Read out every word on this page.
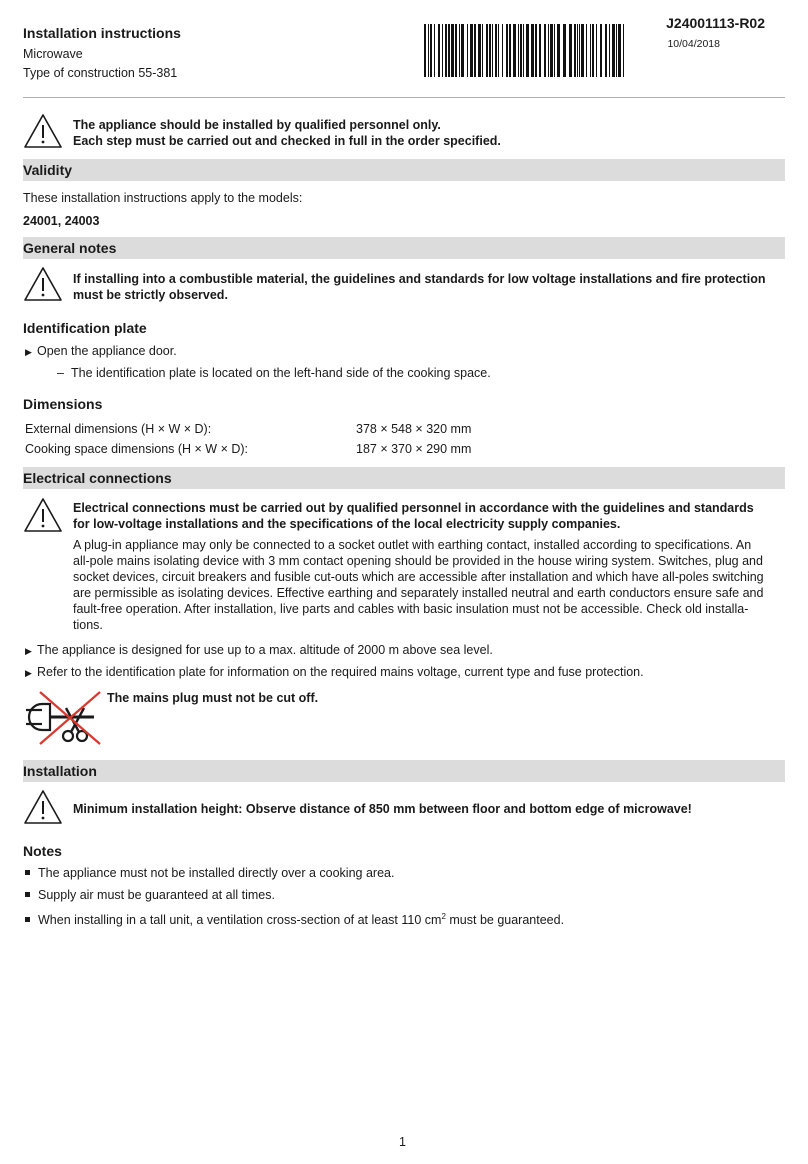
Installation instructions
Microwave
Type of construction 55-381
J24001113-R02
10/04/2018
The appliance should be installed by qualified personnel only.
Each step must be carried out and checked in full in the order specified.
Validity
These installation instructions apply to the models:
24001, 24003
General notes
If installing into a combustible material, the guidelines and standards for low voltage installations and fire protection
must be strictly observed.
Identification plate
▶ Open the appliance door.
– The identification plate is located on the left-hand side of the cooking space.
Dimensions
External dimensions (H × W × D):	378 × 548 × 320 mm
Cooking space dimensions (H × W × D):	187 × 370 × 290 mm
Electrical connections
Electrical connections must be carried out by qualified personnel in accordance with the guidelines and standards
for low-voltage installations and the specifications of the local electricity supply companies.
A plug-in appliance may only be connected to a socket outlet with earthing contact, installed according to specifications. An
all-pole mains isolating device with 3 mm contact opening should be provided in the house wiring system. Switches, plug and
socket devices, circuit breakers and fusible cut-outs which are accessible after installation and which have all-poles switching
are permissible as isolating devices. Effective earthing and separately installed neutral and earth conductors ensure safe and
fault-free operation. After installation, live parts and cables with basic insulation must not be accessible. Check old installa-
tions.
▶ The appliance is designed for use up to a max. altitude of 2000 m above sea level.
▶ Refer to the identification plate for information on the required mains voltage, current type and fuse protection.
The mains plug must not be cut off.
Installation
Minimum installation height: Observe distance of 850 mm between floor and bottom edge of microwave!
Notes
The appliance must not be installed directly over a cooking area.
Supply air must be guaranteed at all times.
When installing in a tall unit, a ventilation cross-section of at least 110 $cm^2$ must be guaranteed.
1
